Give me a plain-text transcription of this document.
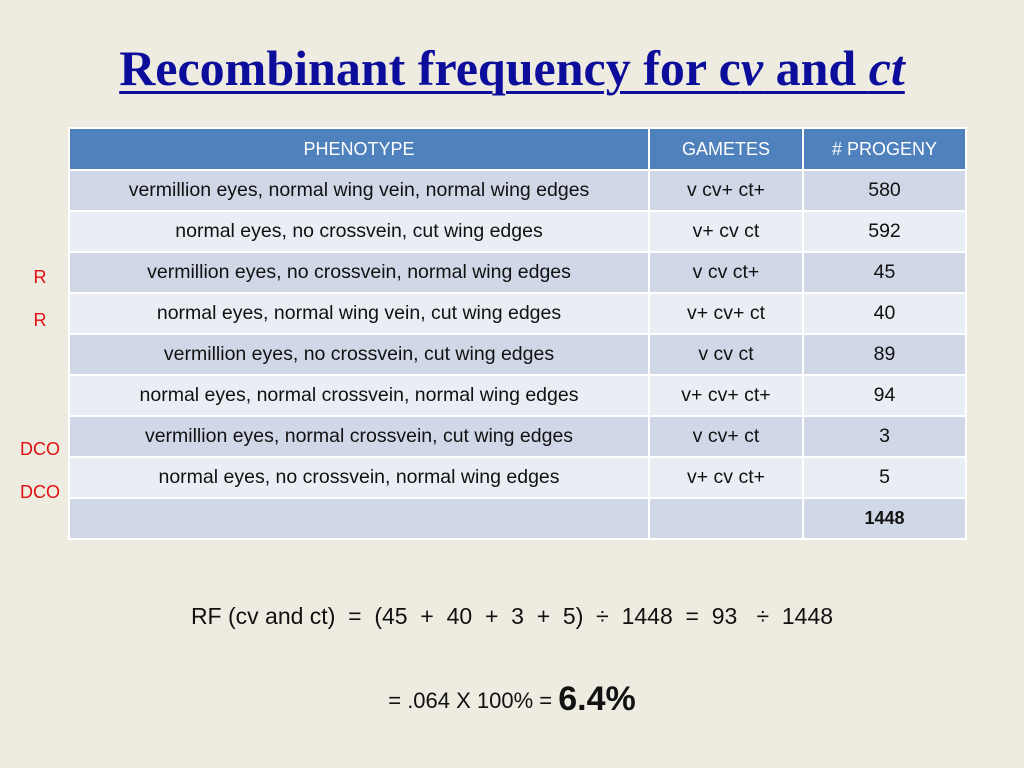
Recombinant frequency for cv and ct
R
R
DCO
DCO
PHENOTYPE	GAMETES	# PROGENY
vermillion eyes, normal wing vein, normal wing edges	v cv+ ct+	580
normal eyes, no crossvein, cut wing edges	v+ cv ct	592
vermillion eyes, no crossvein, normal wing edges	v cv ct+	45
normal eyes, normal wing vein, cut wing edges	v+ cv+ ct	40
vermillion eyes, no crossvein, cut wing edges	v cv ct	89
normal eyes, normal crossvein, normal wing edges	v+ cv+ ct+	94
vermillion eyes, normal crossvein, cut wing edges	v cv+ ct	3
normal eyes, no crossvein, normal wing edges	v+ cv ct+	5
		1448
RF (cv and ct)  =  (45  +  40  +  3  +  5)  ÷  1448  =  93   ÷  1448
= .064 X 100% = 6.4%
